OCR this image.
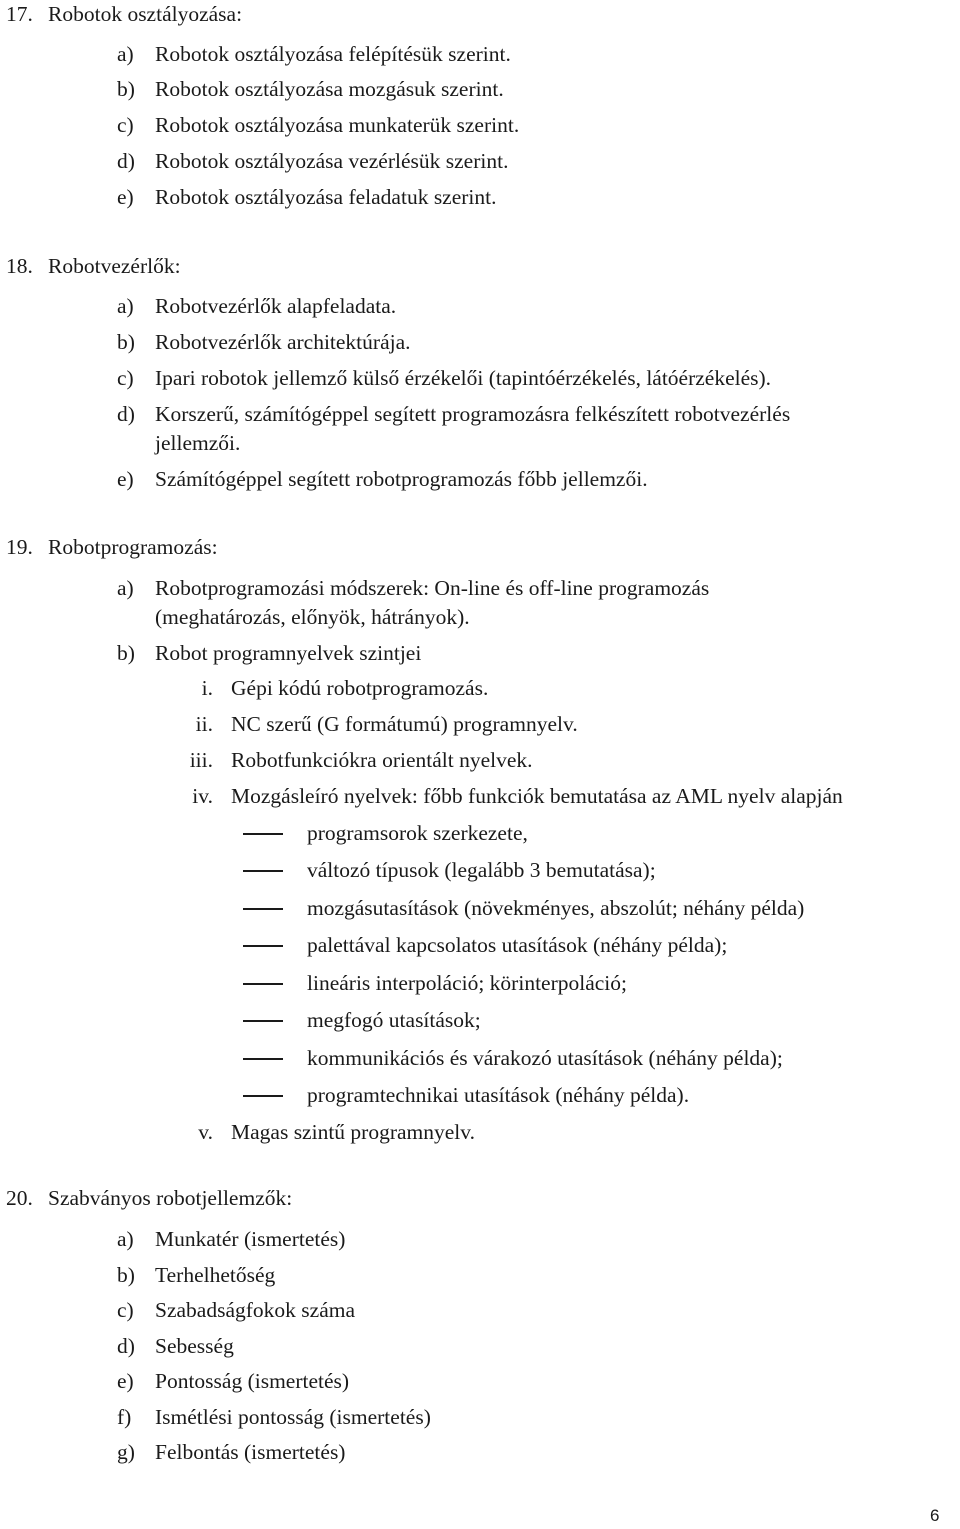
17. Robotok osztályozása:
a) Robotok osztályozása felépítésük szerint.
b) Robotok osztályozása mozgásuk szerint.
c) Robotok osztályozása munkaterük szerint.
d) Robotok osztályozása vezérlésük szerint.
e) Robotok osztályozása feladatuk szerint.
18. Robotvezérlők:
a) Robotvezérlők alapfeladata.
b) Robotvezérlők architektúrája.
c) Ipari robotok jellemző külső érzékelői (tapintóérzékelés, látóérzékelés).
d) Korszerű, számítógéppel segített programozásra felkészített robotvezérlés
jellemzői.
e) Számítógéppel segített robotprogramozás főbb jellemzői.
19. Robotprogramozás:
a) Robotprogramozási módszerek: On-line és off-line programozás
(meghatározás, előnyök, hátrányok).
b) Robot programnyelvek szintjei
i. Gépi kódú robotprogramozás.
ii. NC szerű (G formátumú) programnyelv.
iii. Robotfunkciókra orientált nyelvek.
iv. Mozgásleíró nyelvek: főbb funkciók bemutatása az AML nyelv alapján
programsorok szerkezete,
változó típusok (legalább 3 bemutatása);
mozgásutasítások (növekményes, abszolút; néhány példa)
palettával kapcsolatos utasítások (néhány példa);
lineáris interpoláció; körinterpoláció;
megfogó utasítások;
kommunikációs és várakozó utasítások (néhány példa);
programtechnikai utasítások (néhány példa).
v. Magas szintű programnyelv.
20. Szabványos robotjellemzők:
a) Munkatér (ismertetés)
b) Terhelhetőség
c) Szabadságfokok száma
d) Sebesség
e) Pontosság (ismertetés)
f) Ismétlési pontosság (ismertetés)
g) Felbontás (ismertetés)
6
